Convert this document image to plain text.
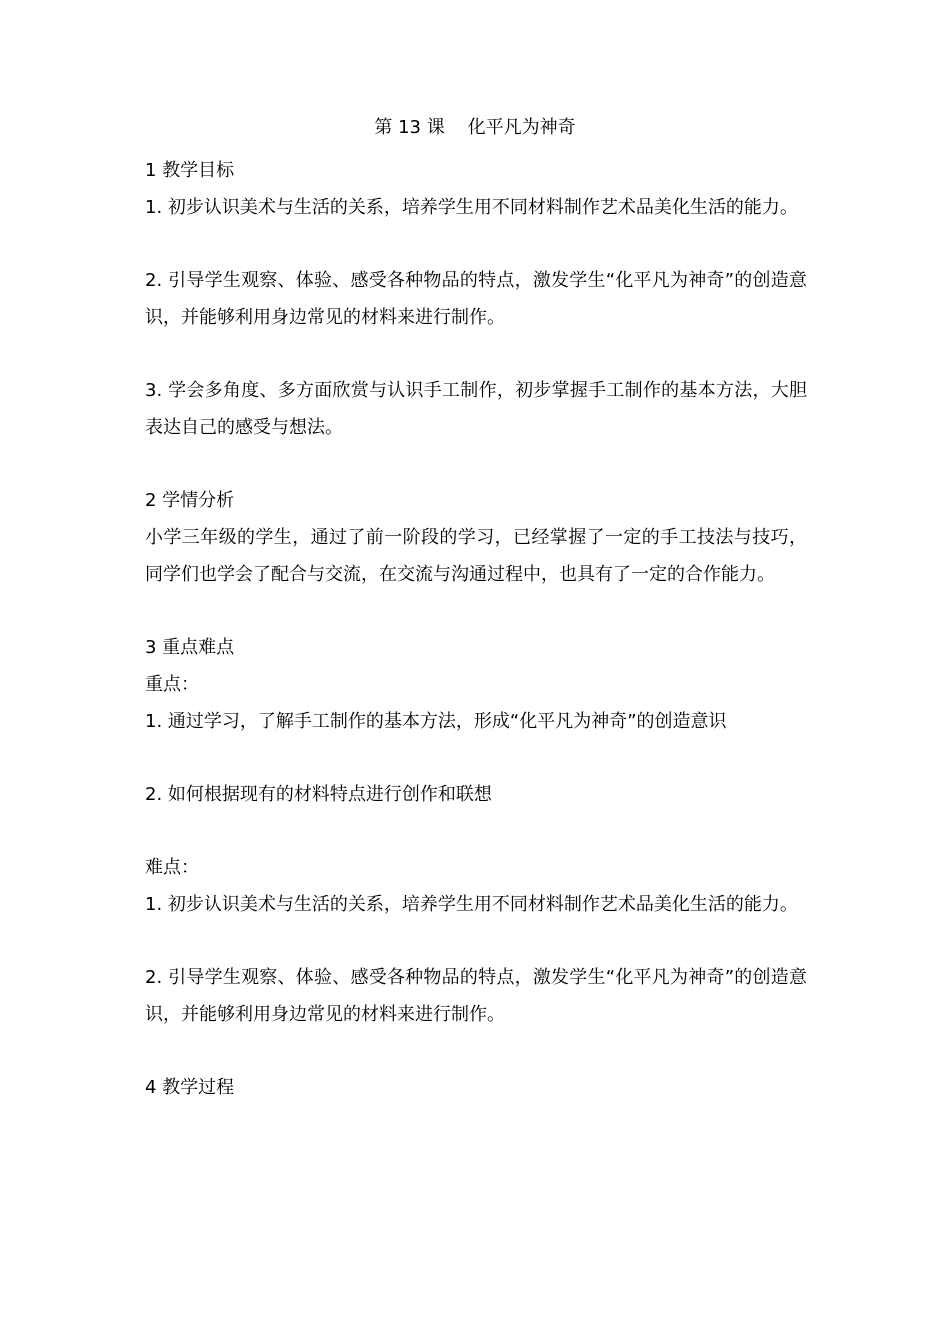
第 13 课    化平凡为神奇

1 教学目标

1. 初步认识美术与生活的关系，培养学生用不同材料制作艺术品美化生活的能力。

2. 引导学生观察、体验、感受各种物品的特点，激发学生“化平凡为神奇”的创造意识，并能够利用身边常见的材料来进行制作。

3. 学会多角度、多方面欣赏与认识手工制作，初步掌握手工制作的基本方法，大胆表达自己的感受与想法。

2 学情分析

小学三年级的学生，通过了前一阶段的学习，已经掌握了一定的手工技法与技巧，同学们也学会了配合与交流，在交流与沟通过程中，也具有了一定的合作能力。

3 重点难点

重点：

1. 通过学习，了解手工制作的基本方法，形成“化平凡为神奇”的创造意识

2. 如何根据现有的材料特点进行创作和联想

难点：

1. 初步认识美术与生活的关系，培养学生用不同材料制作艺术品美化生活的能力。

2. 引导学生观察、体验、感受各种物品的特点，激发学生“化平凡为神奇”的创造意识，并能够利用身边常见的材料来进行制作。

4 教学过程
